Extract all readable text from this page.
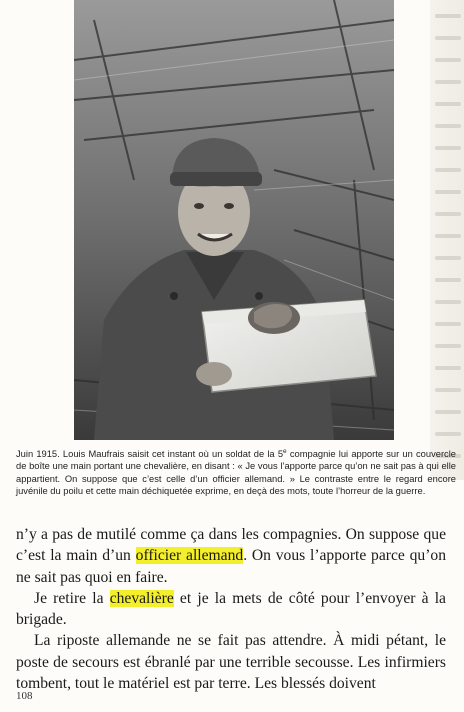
Juin 1915. Louis Maufrais saisit cet instant où un soldat de la 5e compagnie lui apporte sur un couvercle de boîte une main portant une chevalière, en disant : « Je vous l’apporte parce qu’on ne sait pas à qui elle appartient. On suppose que c’est celle d’un officier allemand. » Le contraste entre le regard encore juvénile du poilu et cette main déchiquetée exprime, en deçà des mots, toute l’horreur de la guerre.

n’y a pas de mutilé comme ça dans les compagnies. On suppose que c’est la main d’un officier allemand. On vous l’apporte parce qu’on ne sait pas quoi en faire.

Je retire la chevalière et je la mets de côté pour l’envoyer à la brigade.

La riposte allemande ne se fait pas attendre. À midi pétant, le poste de secours est ébranlé par une terrible secousse. Les infirmiers tombent, tout le matériel est par terre. Les blessés doivent

108
